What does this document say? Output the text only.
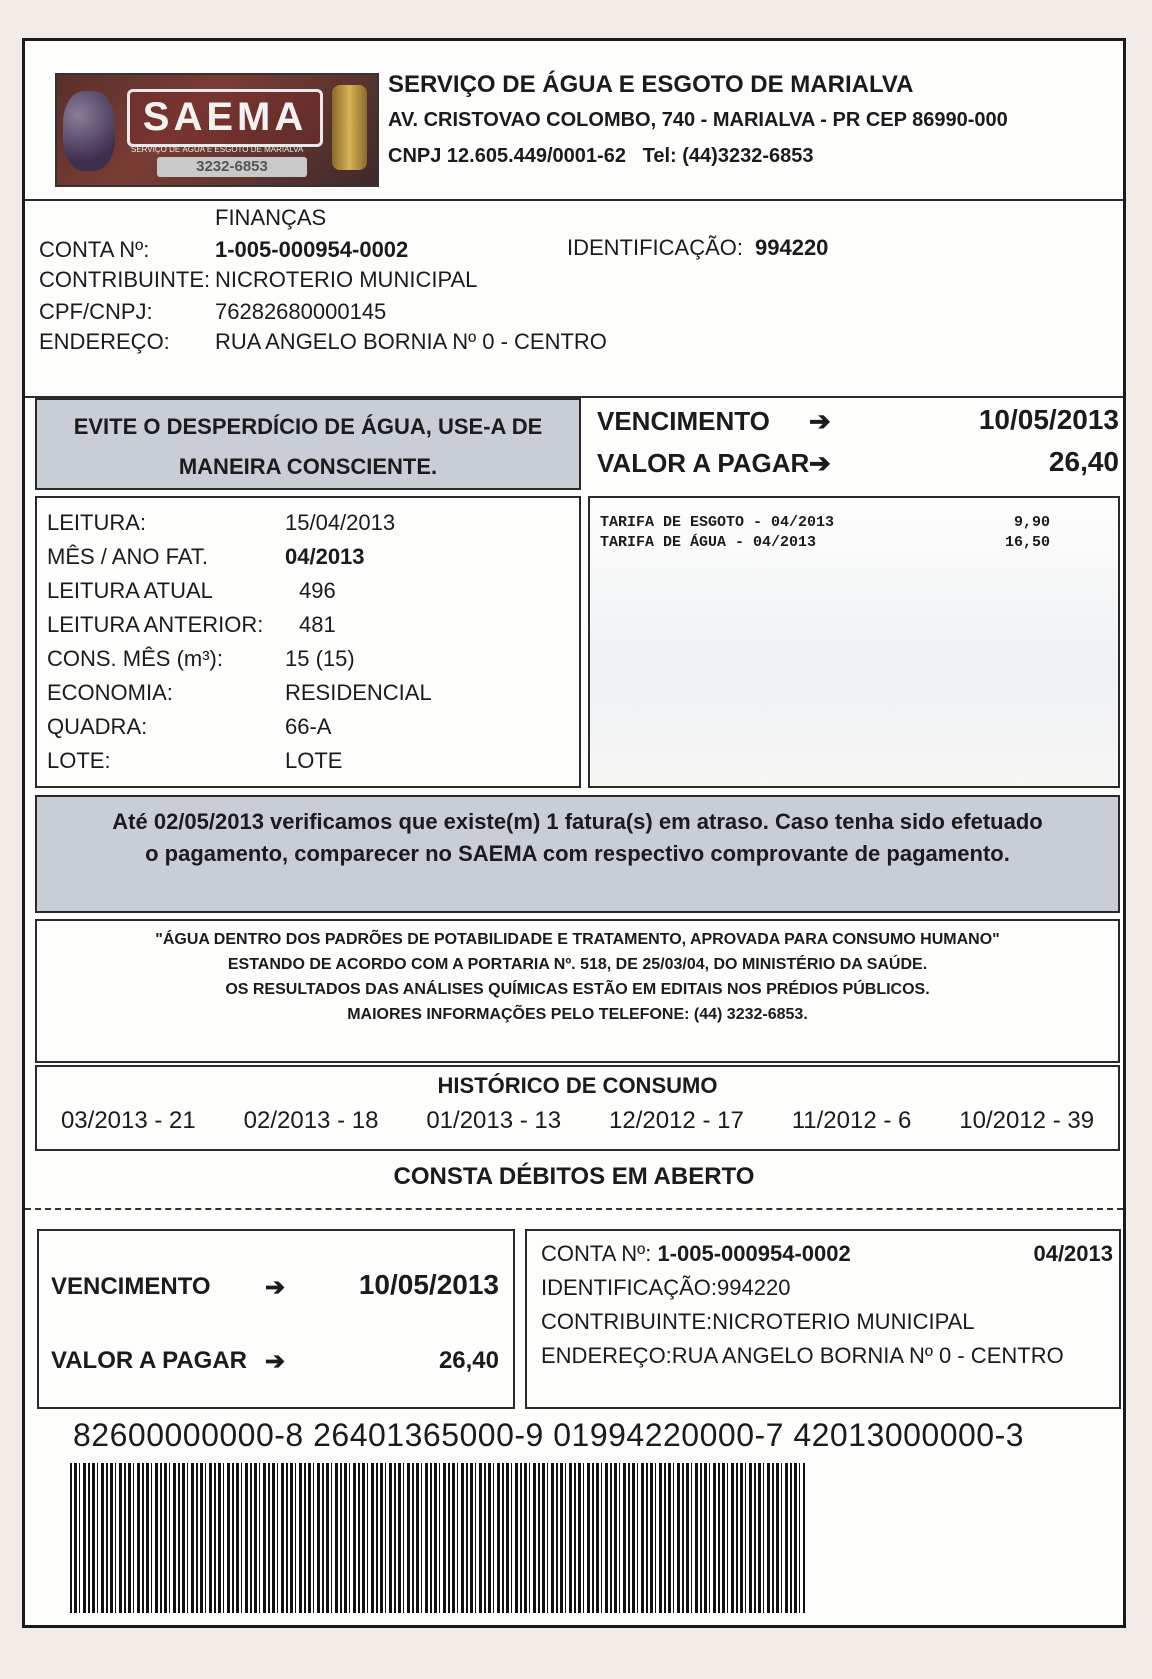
SAEMA
SERVIÇO DE ÁGUA E ESGOTO DE MARIALVA
3232-6853
SERVIÇO DE ÁGUA E ESGOTO DE MARIALVA
AV. CRISTOVAO COLOMBO, 740 - MARIALVA - PR CEP 86990-000
CNPJ 12.605.449/0001-62   Tel: (44)3232-6853
FINANÇAS
CONTA Nº:	1-005-000954-0002	IDENTIFICAÇÃO: 994220
CONTRIBUINTE: NICROTERIO MUNICIPAL
CPF/CNPJ:	76282680000145
ENDEREÇO: RUA ANGELO BORNIA Nº 0 - CENTRO
EVITE O DESPERDÍCIO DE ÁGUA, USE-A DE
MANEIRA CONSCIENTE.
VENCIMENTO ➔	10/05/2013
VALOR A PAGAR ➔	26,40
LEITURA:	15/04/2013
MÊS / ANO FAT.	04/2013
LEITURA ATUAL	496
LEITURA ANTERIOR: 481
CONS. MÊS (m³):	15 (15)
ECONOMIA:	RESIDENCIAL
QUADRA:	66-A
LOTE:	LOTE
TARIFA DE ESGOTO - 04/2013	9,90
TARIFA DE ÁGUA - 04/2013	16,50
Até 02/05/2013 verificamos que existe(m) 1 fatura(s) em atraso. Caso tenha sido efetuado
o pagamento, comparecer no SAEMA com respectivo comprovante de pagamento.
"ÁGUA DENTRO DOS PADRÕES DE POTABILIDADE E TRATAMENTO, APROVADA PARA CONSUMO HUMANO"
ESTANDO DE ACORDO COM A PORTARIA Nº. 518, DE 25/03/04, DO MINISTÉRIO DA SAÚDE.
OS RESULTADOS DAS ANÁLISES QUÍMICAS ESTÃO EM EDITAIS NOS PRÉDIOS PÚBLICOS.
MAIORES INFORMAÇÕES PELO TELEFONE: (44) 3232-6853.
HISTÓRICO DE CONSUMO
03/2013 - 21 02/2013 - 18 01/2013 - 13 12/2012 - 17 11/2012 - 6 10/2012 - 39
CONSTA DÉBITOS EM ABERTO
VENCIMENTO ➔	10/05/2013
VALOR A PAGAR ➔	26,40
CONTA Nº: 1-005-000954-0002	04/2013
IDENTIFICAÇÃO:994220
CONTRIBUINTE:NICROTERIO MUNICIPAL
ENDEREÇO:RUA ANGELO BORNIA Nº 0 - CENTRO
82600000000-8 26401365000-9 01994220000-7 42013000000-3
